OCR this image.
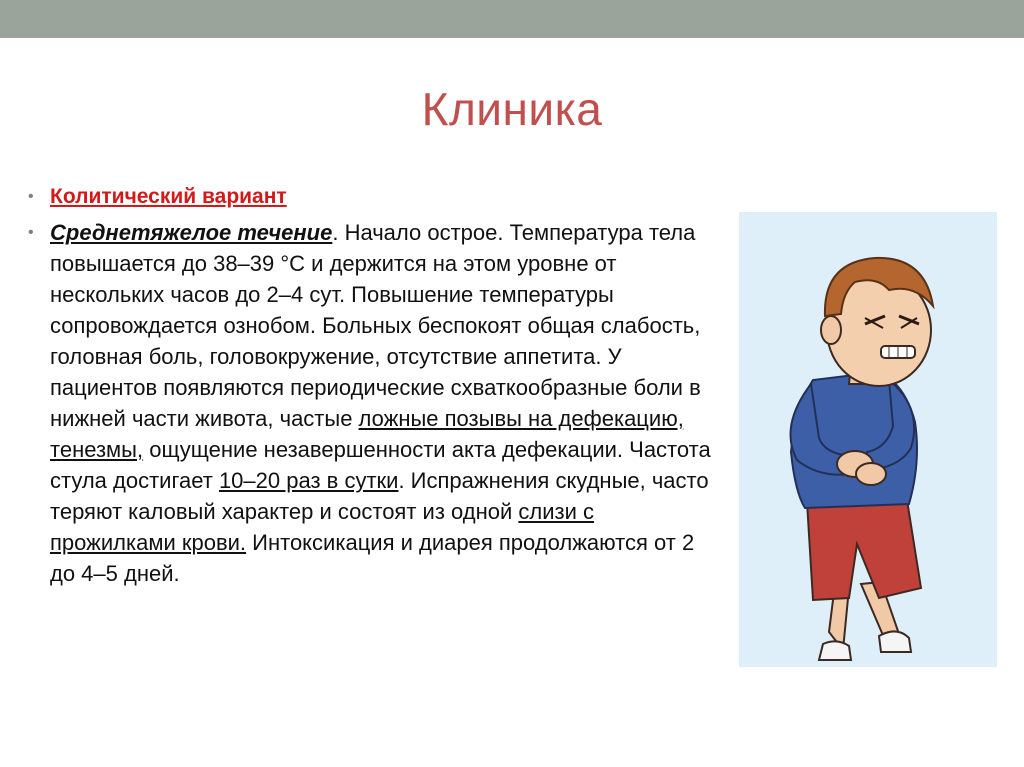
Клиника
• Колитический вариант
• Среднетяжелое течение. Начало острое. Температура тела повышается до 38–39 °С и держится на этом уровне от нескольких часов до 2–4 сут. Повышение температуры сопровождается ознобом. Больных беспокоят общая слабость, головная боль, головокружение, отсутствие аппетита. У пациентов появляются периодические схваткообразные боли в нижней части живота, частые ложные позывы на дефекацию, тенезмы, ощущение незавершенности акта дефекации. Частота стула достигает 10–20 раз в сутки. Испражнения скудные, часто теряют каловый характер и состоят из одной слизи с прожилками крови. Интоксикация и диарея продолжаются от 2 до 4–5 дней.
